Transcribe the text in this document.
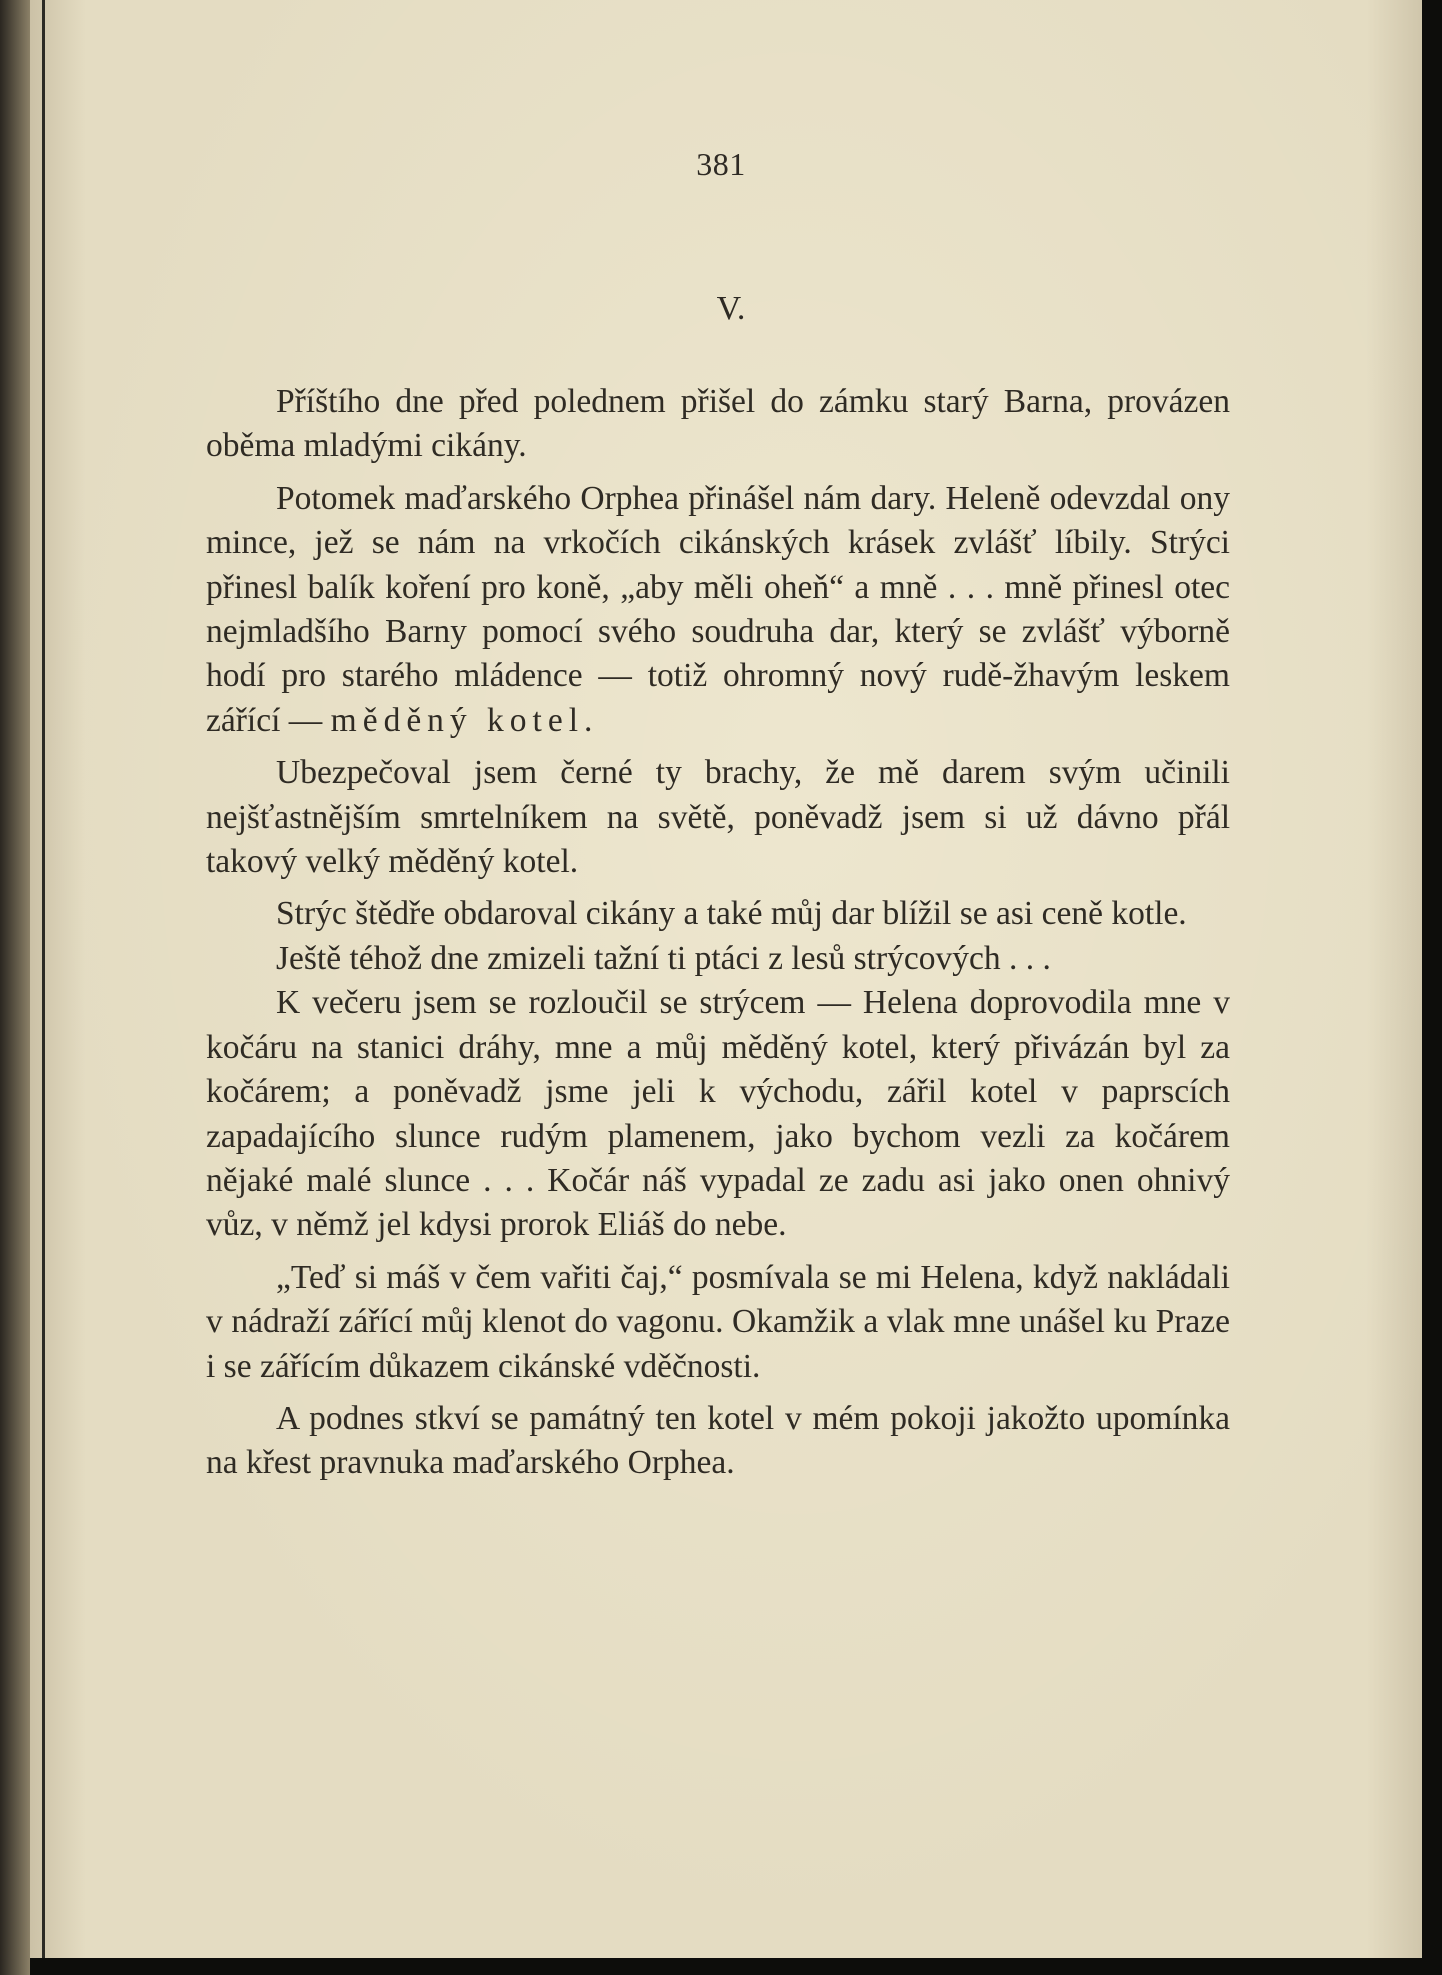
381
V.

Příštího dne před polednem přišel do zámku starý Barna, provázen oběma mladými cikány.

Potomek maďarského Orphea přinášel nám dary. Heleně odevzdal ony mince, jež se nám na vrkočích cikánských krásek zvlášť líbily. Strýci přinesl balík koření pro koně, „aby měli oheň“ a mně . . . mně přinesl otec nejmladšího Barny pomocí svého soudruha dar, který se zvlášť výborně hodí pro starého mládence — totiž ohromný nový rudě-žhavým leskem zářící — měděný kotel.

Ubezpečoval jsem černé ty brachy, že mě darem svým učinili nejšťastnějším smrtelníkem na světě, poněvadž jsem si už dávno přál takový velký měděný kotel.

Strýc štědře obdaroval cikány a také můj dar blížil se asi ceně kotle.

Ještě téhož dne zmizeli tažní ti ptáci z lesů strýcových . . .

K večeru jsem se rozloučil se strýcem — Helena doprovodila mne v kočáru na stanici dráhy, mne a můj měděný kotel, který přivázán byl za kočárem; a poněvadž jsme jeli k východu, zářil kotel v paprscích zapadajícího slunce rudým plamenem, jako bychom vezli za kočárem nějaké malé slunce . . . Kočár náš vypadal ze zadu asi jako onen ohnivý vůz, v němž jel kdysi prorok Eliáš do nebe.

„Teď si máš v čem vařiti čaj,“ posmívala se mi Helena, když nakládali v nádraží zářící můj klenot do vagonu. Okamžik a vlak mne unášel ku Praze i se zářícím důkazem cikánské vděčnosti.

A podnes stkví se památný ten kotel v mém pokoji jakožto upomínka na křest pravnuka maďarského Orphea.
